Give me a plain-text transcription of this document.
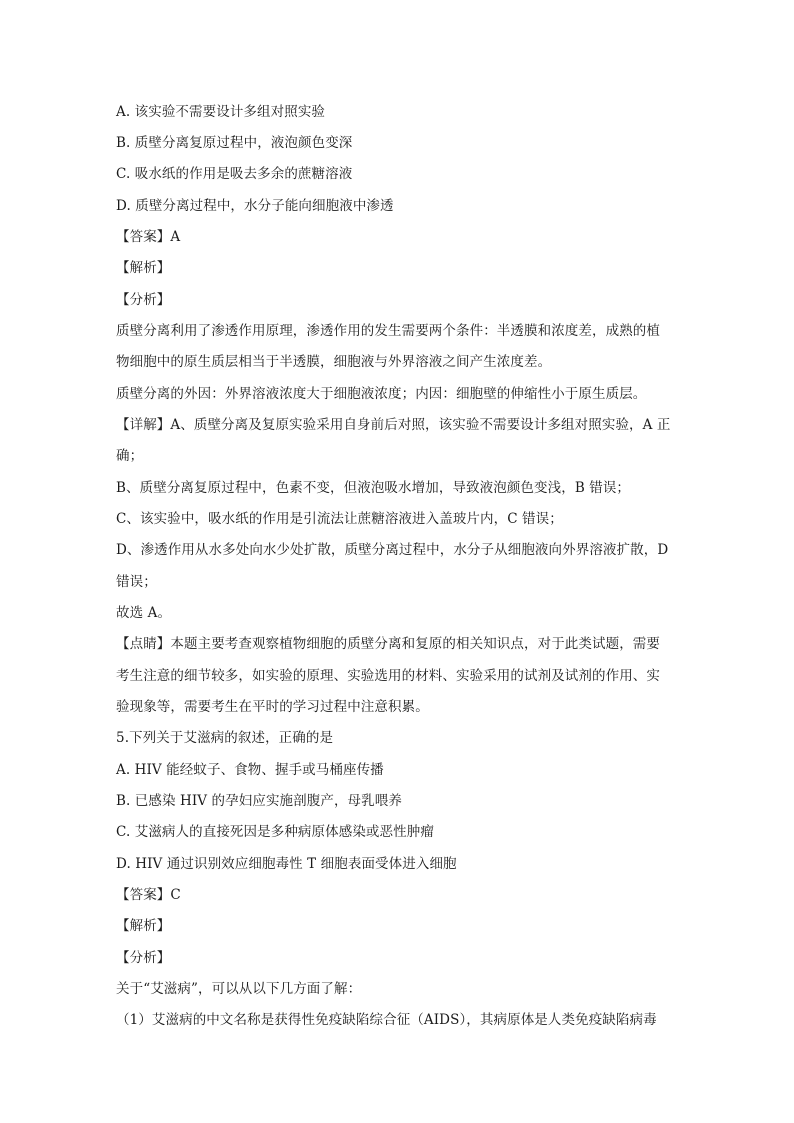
A. 该实验不需要设计多组对照实验
B. 质壁分离复原过程中，液泡颜色变深
C. 吸水纸的作用是吸去多余的蔗糖溶液
D. 质壁分离过程中，水分子能向细胞液中渗透
【答案】A
【解析】
【分析】
质壁分离利用了渗透作用原理，渗透作用的发生需要两个条件：半透膜和浓度差，成熟的植
物细胞中的原生质层相当于半透膜，细胞液与外界溶液之间产生浓度差。
质壁分离的外因：外界溶液浓度大于细胞液浓度；内因：细胞壁的伸缩性小于原生质层。
【详解】A、质壁分离及复原实验采用自身前后对照，该实验不需要设计多组对照实验，A 正
确；
B、质壁分离复原过程中，色素不变，但液泡吸水增加，导致液泡颜色变浅，B 错误；
C、该实验中，吸水纸的作用是引流法让蔗糖溶液进入盖玻片内，C 错误；
D、渗透作用从水多处向水少处扩散，质壁分离过程中，水分子从细胞液向外界溶液扩散，D
错误；
故选 A。
【点睛】本题主要考查观察植物细胞的质壁分离和复原的相关知识点，对于此类试题，需要
考生注意的细节较多，如实验的原理、实验选用的材料、实验采用的试剂及试剂的作用、实
验现象等，需要考生在平时的学习过程中注意积累。
5.下列关于艾滋病的叙述，正确的是
A. HIV 能经蚊子、食物、握手或马桶座传播
B. 已感染 HIV 的孕妇应实施剖腹产，母乳喂养
C. 艾滋病人的直接死因是多种病原体感染或恶性肿瘤
D. HIV 通过识别效应细胞毒性 T 细胞表面受体进入细胞
【答案】C
【解析】
【分析】
关于“艾滋病”，可以从以下几方面了解：
（1）艾滋病的中文名称是获得性免疫缺陷综合征（AIDS），其病原体是人类免疫缺陷病毒
